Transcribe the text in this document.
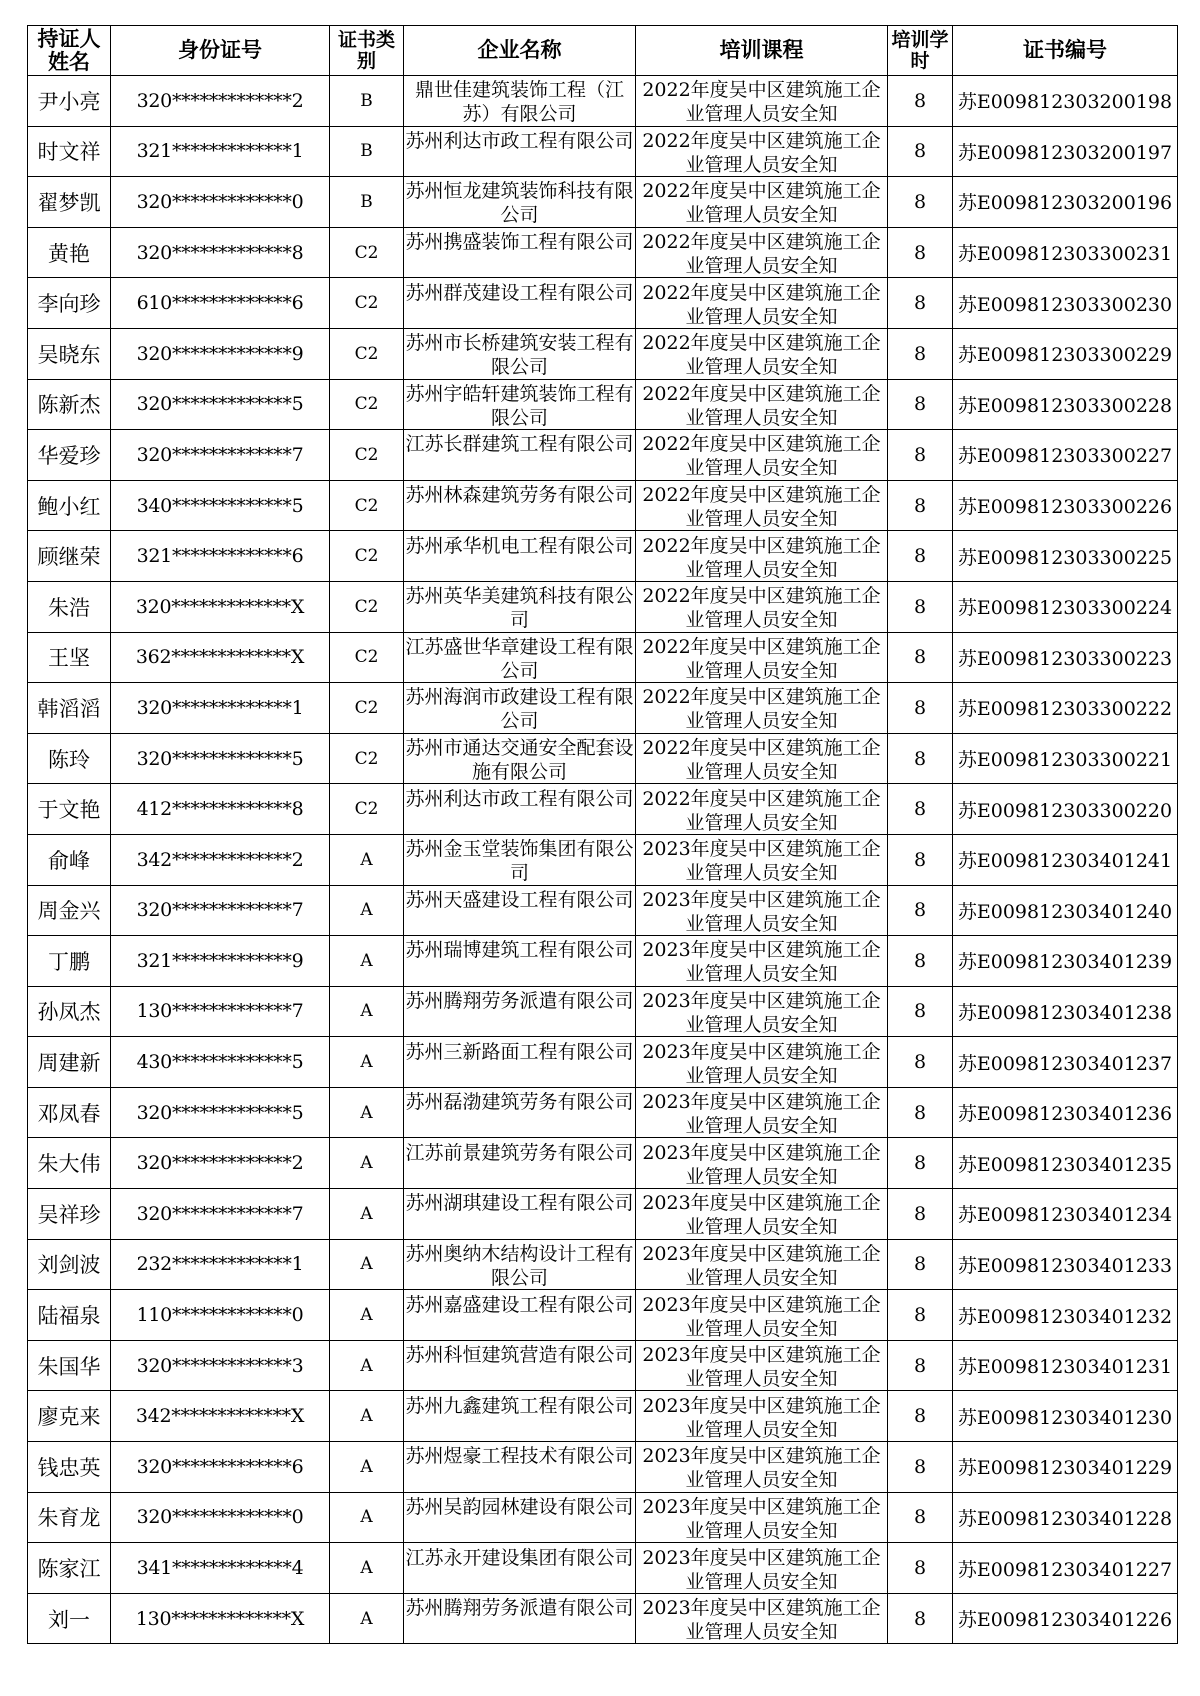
持证人姓名	身份证号	证书类别	企业名称	培训课程	培训学时	证书编号
尹小亮	320*************2	B	鼎世佳建筑装饰工程（江苏）有限公司	2022年度吴中区建筑施工企业管理人员安全知	8	苏E009812303200198
时文祥	321*************1	B	苏州利达市政工程有限公司	2022年度吴中区建筑施工企业管理人员安全知	8	苏E009812303200197
翟梦凯	320*************0	B	苏州恒龙建筑装饰科技有限公司	2022年度吴中区建筑施工企业管理人员安全知	8	苏E009812303200196
黄艳	320*************8	C2	苏州携盛装饰工程有限公司	2022年度吴中区建筑施工企业管理人员安全知	8	苏E009812303300231
李向珍	610*************6	C2	苏州群茂建设工程有限公司	2022年度吴中区建筑施工企业管理人员安全知	8	苏E009812303300230
吴晓东	320*************9	C2	苏州市长桥建筑安装工程有限公司	2022年度吴中区建筑施工企业管理人员安全知	8	苏E009812303300229
陈新杰	320*************5	C2	苏州宇皓轩建筑装饰工程有限公司	2022年度吴中区建筑施工企业管理人员安全知	8	苏E009812303300228
华爱珍	320*************7	C2	江苏长群建筑工程有限公司	2022年度吴中区建筑施工企业管理人员安全知	8	苏E009812303300227
鲍小红	340*************5	C2	苏州林森建筑劳务有限公司	2022年度吴中区建筑施工企业管理人员安全知	8	苏E009812303300226
顾继荣	321*************6	C2	苏州承华机电工程有限公司	2022年度吴中区建筑施工企业管理人员安全知	8	苏E009812303300225
朱浩	320*************X	C2	苏州英华美建筑科技有限公司	2022年度吴中区建筑施工企业管理人员安全知	8	苏E009812303300224
王坚	362*************X	C2	江苏盛世华章建设工程有限公司	2022年度吴中区建筑施工企业管理人员安全知	8	苏E009812303300223
韩滔滔	320*************1	C2	苏州海润市政建设工程有限公司	2022年度吴中区建筑施工企业管理人员安全知	8	苏E009812303300222
陈玲	320*************5	C2	苏州市通达交通安全配套设施有限公司	2022年度吴中区建筑施工企业管理人员安全知	8	苏E009812303300221
于文艳	412*************8	C2	苏州利达市政工程有限公司	2022年度吴中区建筑施工企业管理人员安全知	8	苏E009812303300220
俞峰	342*************2	A	苏州金玉堂装饰集团有限公司	2023年度吴中区建筑施工企业管理人员安全知	8	苏E009812303401241
周金兴	320*************7	A	苏州天盛建设工程有限公司	2023年度吴中区建筑施工企业管理人员安全知	8	苏E009812303401240
丁鹏	321*************9	A	苏州瑞博建筑工程有限公司	2023年度吴中区建筑施工企业管理人员安全知	8	苏E009812303401239
孙凤杰	130*************7	A	苏州腾翔劳务派遣有限公司	2023年度吴中区建筑施工企业管理人员安全知	8	苏E009812303401238
周建新	430*************5	A	苏州三新路面工程有限公司	2023年度吴中区建筑施工企业管理人员安全知	8	苏E009812303401237
邓凤春	320*************5	A	苏州磊渤建筑劳务有限公司	2023年度吴中区建筑施工企业管理人员安全知	8	苏E009812303401236
朱大伟	320*************2	A	江苏前景建筑劳务有限公司	2023年度吴中区建筑施工企业管理人员安全知	8	苏E009812303401235
吴祥珍	320*************7	A	苏州湖琪建设工程有限公司	2023年度吴中区建筑施工企业管理人员安全知	8	苏E009812303401234
刘剑波	232*************1	A	苏州奥纳木结构设计工程有限公司	2023年度吴中区建筑施工企业管理人员安全知	8	苏E009812303401233
陆福泉	110*************0	A	苏州嘉盛建设工程有限公司	2023年度吴中区建筑施工企业管理人员安全知	8	苏E009812303401232
朱国华	320*************3	A	苏州科恒建筑营造有限公司	2023年度吴中区建筑施工企业管理人员安全知	8	苏E009812303401231
廖克来	342*************X	A	苏州九鑫建筑工程有限公司	2023年度吴中区建筑施工企业管理人员安全知	8	苏E009812303401230
钱忠英	320*************6	A	苏州煜豪工程技术有限公司	2023年度吴中区建筑施工企业管理人员安全知	8	苏E009812303401229
朱育龙	320*************0	A	苏州吴韵园林建设有限公司	2023年度吴中区建筑施工企业管理人员安全知	8	苏E009812303401228
陈家江	341*************4	A	江苏永开建设集团有限公司	2023年度吴中区建筑施工企业管理人员安全知	8	苏E009812303401227
刘一	130*************X	A	苏州腾翔劳务派遣有限公司	2023年度吴中区建筑施工企业管理人员安全知	8	苏E009812303401226
